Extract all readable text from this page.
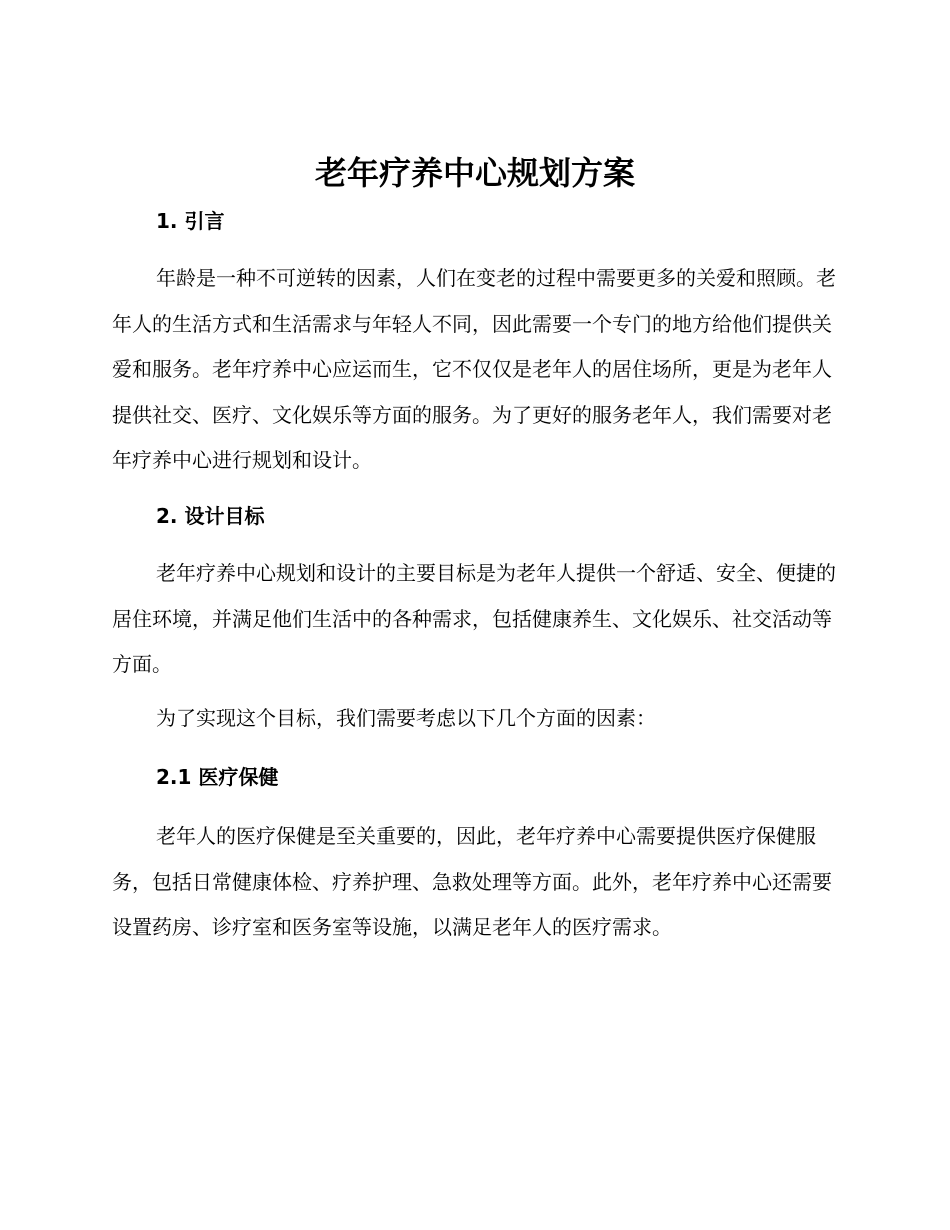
老年疗养中心规划方案
1. 引言

年龄是一种不可逆转的因素，人们在变老的过程中需要更多的关爱和照顾。老年人的生活方式和生活需求与年轻人不同，因此需要一个专门的地方给他们提供关爱和服务。老年疗养中心应运而生，它不仅仅是老年人的居住场所，更是为老年人提供社交、医疗、文化娱乐等方面的服务。为了更好的服务老年人，我们需要对老年疗养中心进行规划和设计。

2. 设计目标

老年疗养中心规划和设计的主要目标是为老年人提供一个舒适、安全、便捷的居住环境，并满足他们生活中的各种需求，包括健康养生、文化娱乐、社交活动等方面。

为了实现这个目标，我们需要考虑以下几个方面的因素：

2.1 医疗保健

老年人的医疗保健是至关重要的，因此，老年疗养中心需要提供医疗保健服务，包括日常健康体检、疗养护理、急救处理等方面。此外，老年疗养中心还需要设置药房、诊疗室和医务室等设施，以满足老年人的医疗需求。
